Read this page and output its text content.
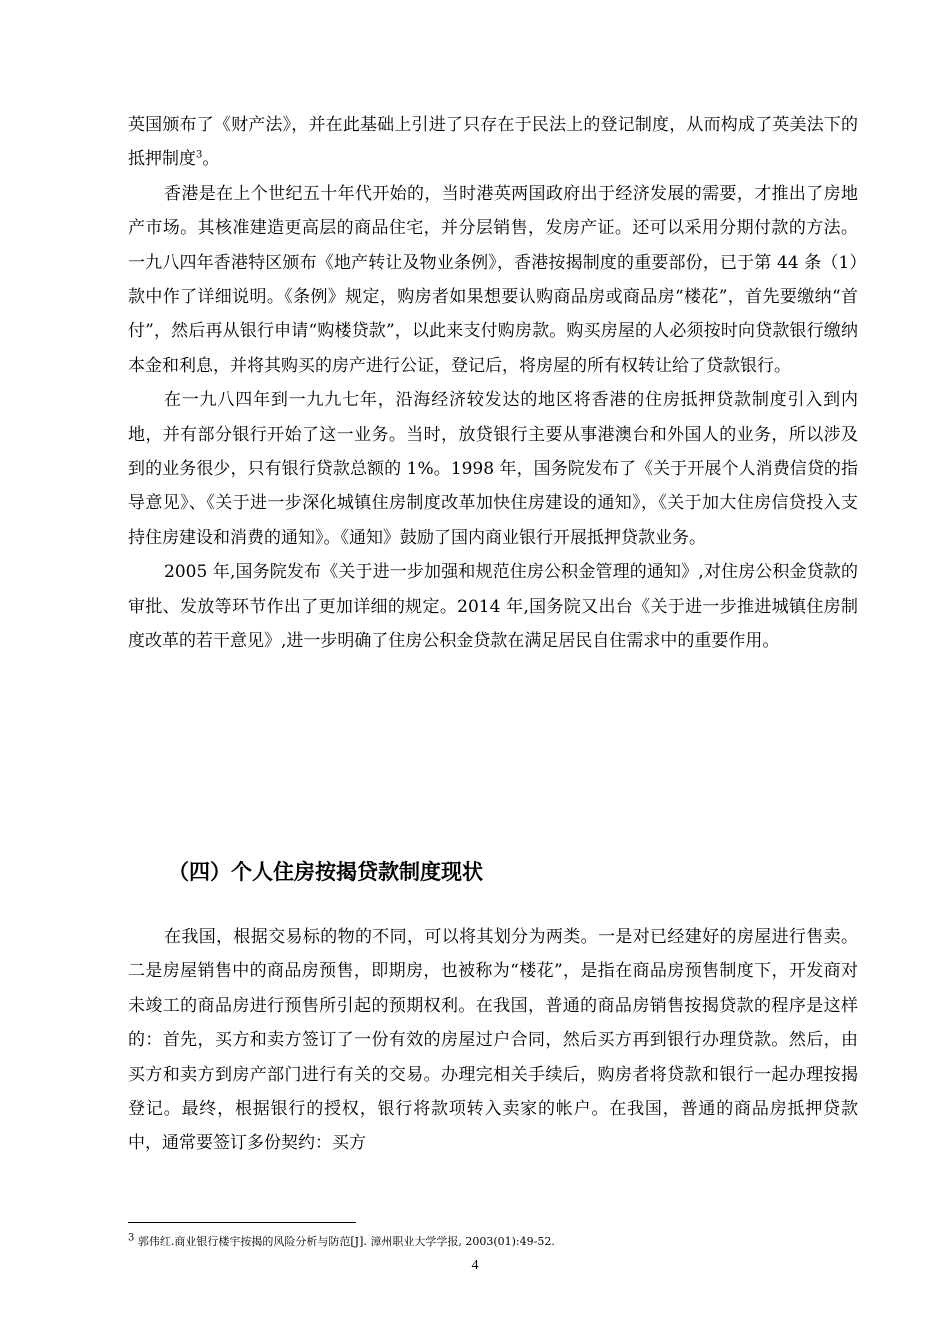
英国颁布了《财产法》，并在此基础上引进了只存在于民法上的登记制度，从而构成了英美法下的抵押制度$^3$。

香港是在上个世纪五十年代开始的，当时港英两国政府出于经济发展的需要，才推出了房地产市场。其核准建造更高层的商品住宅，并分层销售，发房产证。还可以采用分期付款的方法。一九八四年香港特区颁布《地产转让及物业条例》，香港按揭制度的重要部份，已于第 44 条（1）款中作了详细说明。《条例》规定，购房者如果想要认购商品房或商品房“楼花”，首先要缴纳“首付”，然后再从银行申请“购楼贷款”，以此来支付购房款。购买房屋的人必须按时向贷款银行缴纳本金和利息，并将其购买的房产进行公证，登记后，将房屋的所有权转让给了贷款银行。

在一九八四年到一九九七年，沿海经济较发达的地区将香港的住房抵押贷款制度引入到内地，并有部分银行开始了这一业务。当时，放贷银行主要从事港澳台和外国人的业务，所以涉及到的业务很少，只有银行贷款总额的 1%。1998 年，国务院发布了《关于开展个人消费信贷的指导意见》、《关于进一步深化城镇住房制度改革加快住房建设的通知》，《关于加大住房信贷投入支持住房建设和消费的通知》。《通知》鼓励了国内商业银行开展抵押贷款业务。

2005 年,国务院发布《关于进一步加强和规范住房公积金管理的通知》,对住房公积金贷款的审批、发放等环节作出了更加详细的规定。2014 年,国务院又出台《关于进一步推进城镇住房制度改革的若干意见》,进一步明确了住房公积金贷款在满足居民自住需求中的重要作用。

（四）个人住房按揭贷款制度现状

在我国，根据交易标的物的不同，可以将其划分为两类。一是对已经建好的房屋进行售卖。二是房屋销售中的商品房预售，即期房，也被称为“楼花”，是指在商品房预售制度下，开发商对未竣工的商品房进行预售所引起的预期权利。在我国，普通的商品房销售按揭贷款的程序是这样的：首先，买方和卖方签订了一份有效的房屋过户合同，然后买方再到银行办理贷款。然后，由买方和卖方到房产部门进行有关的交易。办理完相关手续后，购房者将贷款和银行一起办理按揭登记。最终，根据银行的授权，银行将款项转入卖家的帐户。在我国，普通的商品房抵押贷款中，通常要签订多份契约：买方

3 郭伟红.商业银行楼宇按揭的风险分析与防范[J]. 漳州职业大学学报, 2003(01):49-52.
4
